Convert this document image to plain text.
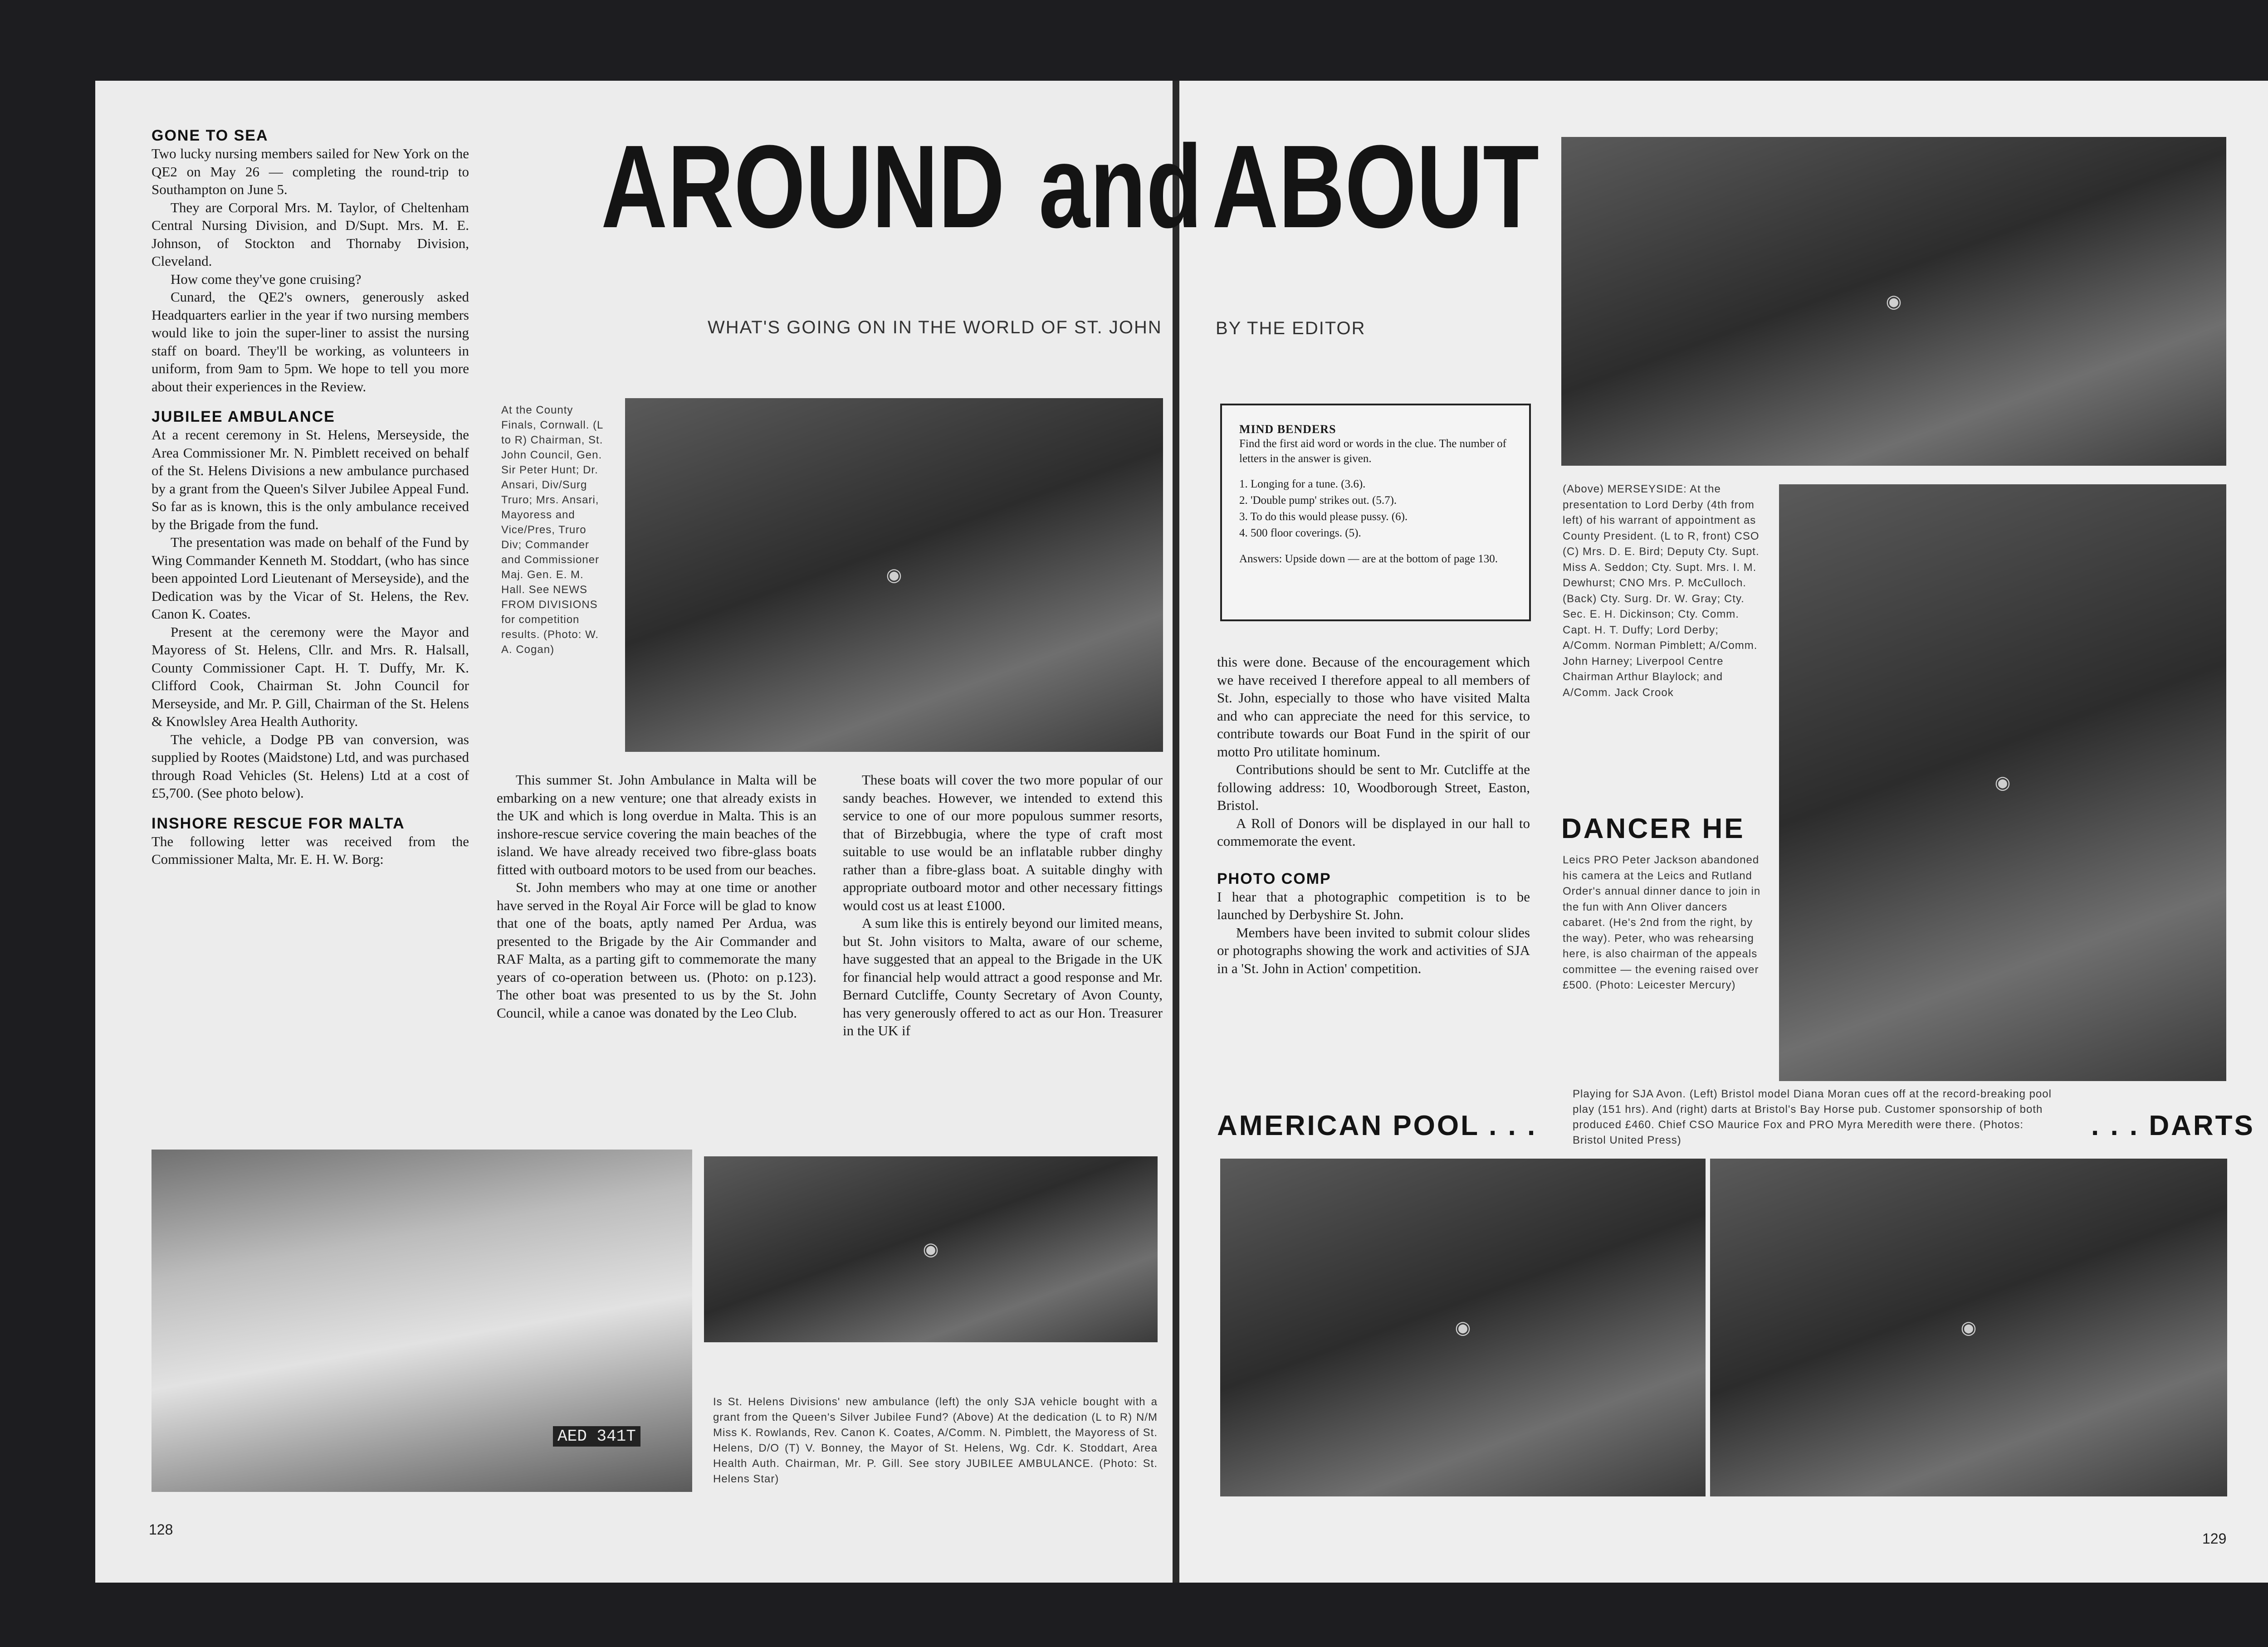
AROUND and ABOUT
WHAT'S GOING ON IN THE WORLD OF ST. JOHN	BY THE EDITOR
GONE TO SEA

Two lucky nursing members sailed for New York on the QE2 on May 26 — completing the round-trip to Southampton on June 5.

They are Corporal Mrs. M. Taylor, of Cheltenham Central Nursing Division, and D/Supt. Mrs. M. E. Johnson, of Stockton and Thornaby Division, Cleveland.

How come they've gone cruising?

Cunard, the QE2's owners, generously asked Headquarters earlier in the year if two nursing members would like to join the super-liner to assist the nursing staff on board. They'll be working, as volunteers in uniform, from 9am to 5pm. We hope to tell you more about their experiences in the Review.

JUBILEE AMBULANCE

At a recent ceremony in St. Helens, Merseyside, the Area Commissioner Mr. N. Pimblett received on behalf of the St. Helens Divisions a new ambulance purchased by a grant from the Queen's Silver Jubilee Appeal Fund. So far as is known, this is the only ambulance received by the Brigade from the fund.

The presentation was made on behalf of the Fund by Wing Commander Kenneth M. Stoddart, (who has since been appointed Lord Lieutenant of Merseyside), and the Dedication was by the Vicar of St. Helens, the Rev. Canon K. Coates.

Present at the ceremony were the Mayor and Mayoress of St. Helens, Cllr. and Mrs. R. Halsall, County Commissioner Capt. H. T. Duffy, Mr. K. Clifford Cook, Chairman St. John Council for Merseyside, and Mr. P. Gill, Chairman of the St. Helens & Knowlsley Area Health Authority.

The vehicle, a Dodge PB van conversion, was supplied by Rootes (Maidstone) Ltd, and was purchased through Road Vehicles (St. Helens) Ltd at a cost of £5,700. (See photo below).

INSHORE RESCUE FOR MALTA

The following letter was received from the Commissioner Malta, Mr. E. H. W. Borg:

At the County Finals, Cornwall. (L to R) Chairman, St. John Council, Gen. Sir Peter Hunt; Dr. Ansari, Div/Surg Truro; Mrs. Ansari, Mayoress and Vice/Pres, Truro Div; Commander and Commissioner Maj. Gen. E. M. Hall. See NEWS FROM DIVISIONS for competition results. (Photo: W. A. Cogan)
◉

This summer St. John Ambulance in Malta will be embarking on a new venture; one that already exists in the UK and which is long overdue in Malta. This is an inshore-rescue service covering the main beaches of the island. We have already received two fibre-glass boats fitted with outboard motors to be used from our beaches.

St. John members who may at one time or another have served in the Royal Air Force will be glad to know that one of the boats, aptly named Per Ardua, was presented to the Brigade by the Air Commander and RAF Malta, as a parting gift to commemorate the many years of co-operation between us. (Photo: on p.123). The other boat was presented to us by the St. John Council, while a canoe was donated by the Leo Club.

These boats will cover the two more popular of our sandy beaches. However, we intended to extend this service to one of our more populous summer resorts, that of Birzebbugia, where the type of craft most suitable to use would be an inflatable rubber dinghy rather than a fibre-glass boat. A suitable dinghy with appropriate outboard motor and other necessary fittings would cost us at least £1000.

A sum like this is entirely beyond our limited means, but St. John visitors to Malta, aware of our scheme, have suggested that an appeal to the Brigade in the UK for financial help would attract a good response and Mr. Bernard Cutcliffe, County Secretary of Avon County, has very generously offered to act as our Hon. Treasurer in the UK if

AED 341T
◉
Is St. Helens Divisions' new ambulance (left) the only SJA vehicle bought with a grant from the Queen's Silver Jubilee Fund? (Above) At the dedication (L to R) N/M Miss K. Rowlands, Rev. Canon K. Coates, A/Comm. N. Pimblett, the Mayoress of St. Helens, D/O (T) V. Bonney, the Mayor of St. Helens, Wg. Cdr. K. Stoddart, Area Health Auth. Chairman, Mr. P. Gill. See story JUBILEE AMBULANCE. (Photo: St. Helens Star)
MIND BENDERS
Find the first aid word or words in the clue. The number of letters in the answer is given.
1. Longing for a tune. (3.6).
2. 'Double pump' strikes out. (5.7).
3. To do this would please pussy. (6).
4. 500 floor coverings. (5).
Answers: Upside down — are at the bottom of page 130.

this were done. Because of the encouragement which we have received I therefore appeal to all members of St. John, especially to those who have visited Malta and who can appreciate the need for this service, to contribute towards our Boat Fund in the spirit of our motto Pro utilitate hominum.

Contributions should be sent to Mr. Cutcliffe at the following address: 10, Woodborough Street, Easton, Bristol.

A Roll of Donors will be displayed in our hall to commemorate the event.

PHOTO COMP

I hear that a photographic competition is to be launched by Derbyshire St. John.

Members have been invited to submit colour slides or photographs showing the work and activities of SJA in a 'St. John in Action' competition.

◉
(Above) MERSEYSIDE: At the presentation to Lord Derby (4th from left) of his warrant of appointment as County President. (L to R, front) CSO (C) Mrs. D. E. Bird; Deputy Cty. Supt. Miss A. Seddon; Cty. Supt. Mrs. I. M. Dewhurst; CNO Mrs. P. McCulloch. (Back) Cty. Surg. Dr. W. Gray; Cty. Sec. E. H. Dickinson; Cty. Comm. Capt. H. T. Duffy; Lord Derby; A/Comm. Norman Pimblett; A/Comm. John Harney; Liverpool Centre Chairman Arthur Blaylock; and A/Comm. Jack Crook
DANCER HE
Leics PRO Peter Jackson abandoned his camera at the Leics and Rutland Order's annual dinner dance to join in the fun with Ann Oliver dancers cabaret. (He's 2nd from the right, by the way). Peter, who was rehearsing here, is also chairman of the appeals committee — the evening raised over £500. (Photo: Leicester Mercury)
◉
AMERICAN POOL . . .
Playing for SJA Avon. (Left) Bristol model Diana Moran cues off at the record-breaking pool play (151 hrs). And (right) darts at Bristol's Bay Horse pub. Customer sponsorship of both produced £460. Chief CSO Maurice Fox and PRO Myra Meredith were there. (Photos: Bristol United Press)	. . . DARTS
◉	◉
128
129
